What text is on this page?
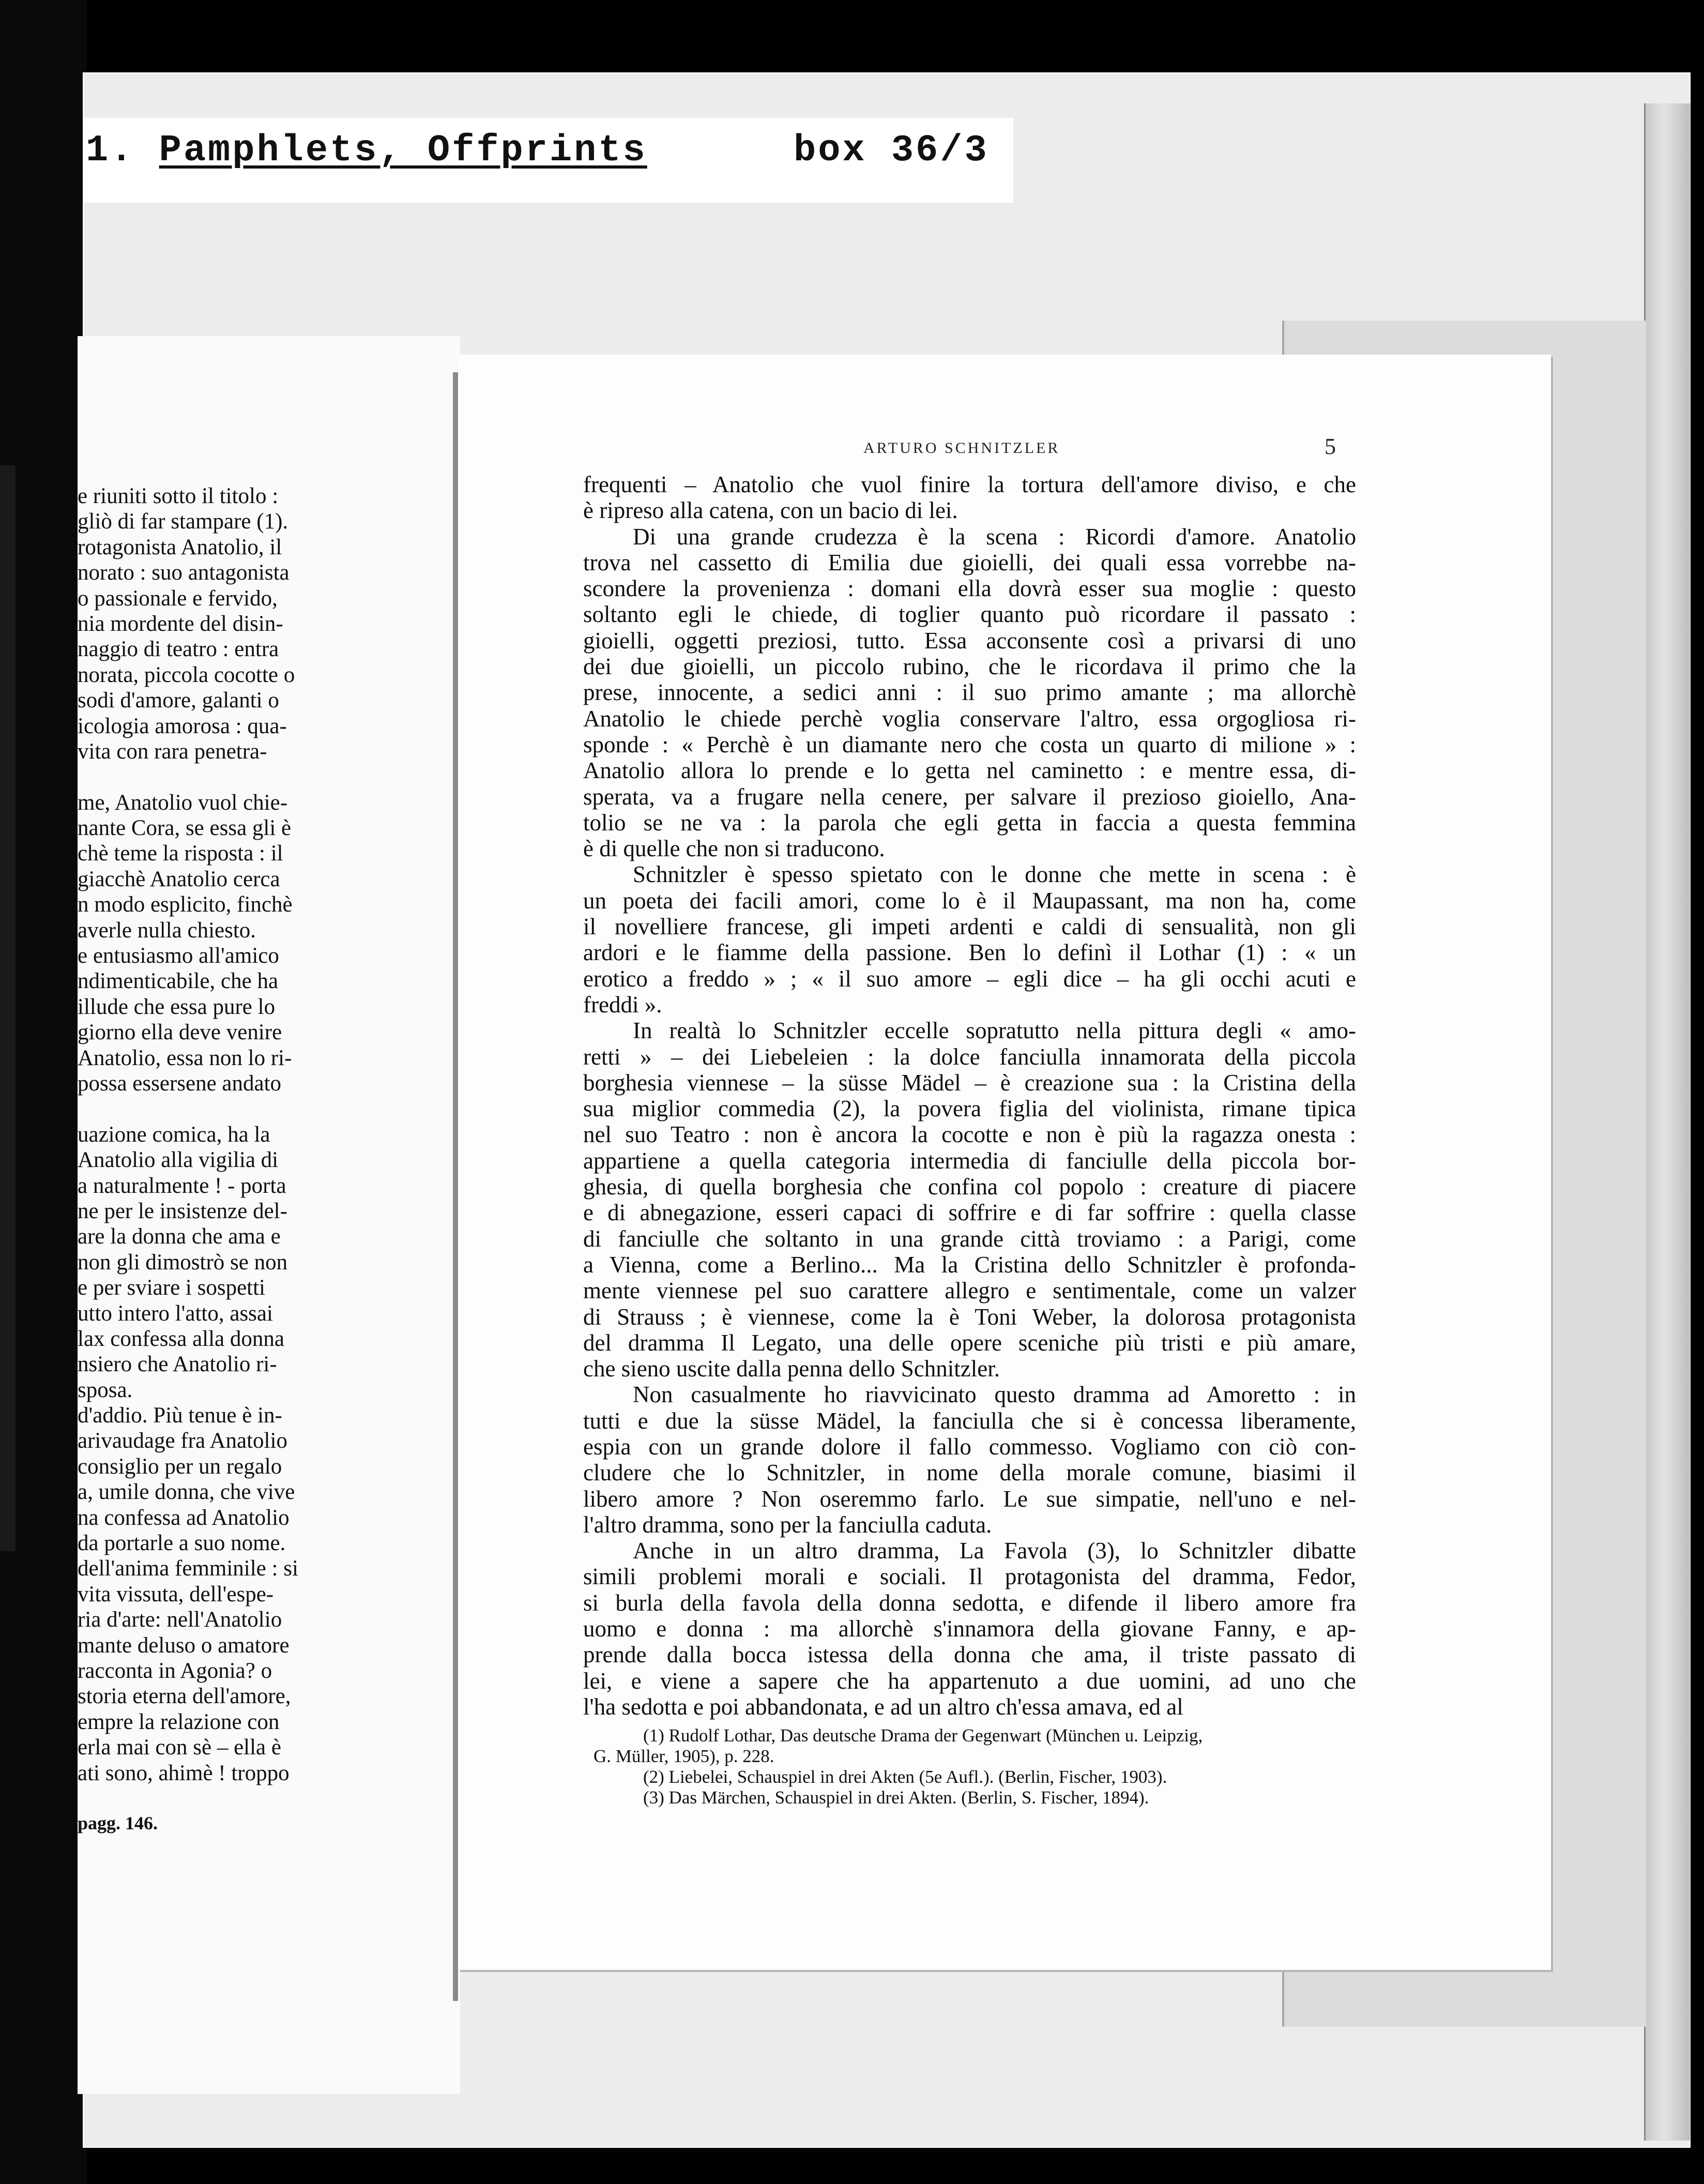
1. Pamphlets, Offprints	box 36/3
e riuniti sotto il titolo :
gliò di far stampare (1).
rotagonista Anatolio, il
norato : suo antagonista
o passionale e fervido,
nia mordente del disin-
naggio di teatro : entra
norata, piccola cocotte o
sodi d'amore, galanti o
icologia amorosa : qua-
vita con rara penetra-
me, Anatolio vuol chie-
nante Cora, se essa gli è
chè teme la risposta : il
giacchè Anatolio cerca
n modo esplicito, finchè
averle nulla chiesto.
e entusiasmo all'amico
ndimenticabile, che ha
illude che essa pure lo
giorno ella deve venire
Anatolio, essa non lo ri-
possa essersene andato
uazione comica, ha la
Anatolio alla vigilia di
a naturalmente ! - porta
ne per le insistenze del-
are la donna che ama e
non gli dimostrò se non
e per sviare i sospetti
utto intero l'atto, assai
lax confessa alla donna
nsiero che Anatolio ri-
sposa.
d'addio. Più tenue è in-
arivaudage fra Anatolio
consiglio per un regalo
a, umile donna, che vive
na confessa ad Anatolio
da portarle a suo nome.
dell'anima femminile : si
vita vissuta, dell'espe-
ria d'arte: nell'Anatolio
mante deluso o amatore
racconta in Agonia? o
storia eterna dell'amore,
empre la relazione con
erla mai con sè – ella è
ati sono, ahimè ! troppo
pagg. 146.
ARTURO SCHNITZLER	5
frequenti – Anatolio che vuol finire la tortura dell'amore diviso, e che
è ripreso alla catena, con un bacio di lei.
Di una grande crudezza è la scena : Ricordi d'amore. Anatolio
trova nel cassetto di Emilia due gioielli, dei quali essa vorrebbe na-
scondere la provenienza : domani ella dovrà esser sua moglie : questo
soltanto egli le chiede, di toglier quanto può ricordare il passato :
gioielli, oggetti preziosi, tutto. Essa acconsente così a privarsi di uno
dei due gioielli, un piccolo rubino, che le ricordava il primo che la
prese, innocente, a sedici anni : il suo primo amante ; ma allorchè
Anatolio le chiede perchè voglia conservare l'altro, essa orgogliosa ri-
sponde : « Perchè è un diamante nero che costa un quarto di milione » :
Anatolio allora lo prende e lo getta nel caminetto : e mentre essa, di-
sperata, va a frugare nella cenere, per salvare il prezioso gioiello, Ana-
tolio se ne va : la parola che egli getta in faccia a questa femmina
è di quelle che non si traducono.
Schnitzler è spesso spietato con le donne che mette in scena : è
un poeta dei facili amori, come lo è il Maupassant, ma non ha, come
il novelliere francese, gli impeti ardenti e caldi di sensualità, non gli
ardori e le fiamme della passione. Ben lo definì il Lothar (1) : « un
erotico a freddo » ; « il suo amore – egli dice – ha gli occhi acuti e
freddi ».
In realtà lo Schnitzler eccelle sopratutto nella pittura degli « amo-
retti » – dei Liebeleien : la dolce fanciulla innamorata della piccola
borghesia viennese – la süsse Mädel – è creazione sua : la Cristina della
sua miglior commedia (2), la povera figlia del violinista, rimane tipica
nel suo Teatro : non è ancora la cocotte e non è più la ragazza onesta :
appartiene a quella categoria intermedia di fanciulle della piccola bor-
ghesia, di quella borghesia che confina col popolo : creature di piacere
e di abnegazione, esseri capaci di soffrire e di far soffrire : quella classe
di fanciulle che soltanto in una grande città troviamo : a Parigi, come
a Vienna, come a Berlino... Ma la Cristina dello Schnitzler è profonda-
mente viennese pel suo carattere allegro e sentimentale, come un valzer
di Strauss ; è viennese, come la è Toni Weber, la dolorosa protagonista
del dramma Il Legato, una delle opere sceniche più tristi e più amare,
che sieno uscite dalla penna dello Schnitzler.
Non casualmente ho riavvicinato questo dramma ad Amoretto : in
tutti e due la süsse Mädel, la fanciulla che si è concessa liberamente,
espia con un grande dolore il fallo commesso. Vogliamo con ciò con-
cludere che lo Schnitzler, in nome della morale comune, biasimi il
libero amore ? Non oseremmo farlo. Le sue simpatie, nell'uno e nel-
l'altro dramma, sono per la fanciulla caduta.
Anche in un altro dramma, La Favola (3), lo Schnitzler dibatte
simili problemi morali e sociali. Il protagonista del dramma, Fedor,
si burla della favola della donna sedotta, e difende il libero amore fra
uomo e donna : ma allorchè s'innamora della giovane Fanny, e ap-
prende dalla bocca istessa della donna che ama, il triste passato di
lei, e viene a sapere che ha appartenuto a due uomini, ad uno che
l'ha sedotta e poi abbandonata, e ad un altro ch'essa amava, ed al
(1) Rudolf Lothar, Das deutsche Drama der Gegenwart (München u. Leipzig,
G. Müller, 1905), p. 228.
(2) Liebelei, Schauspiel in drei Akten (5e Aufl.). (Berlin, Fischer, 1903).
(3) Das Märchen, Schauspiel in drei Akten. (Berlin, S. Fischer, 1894).
